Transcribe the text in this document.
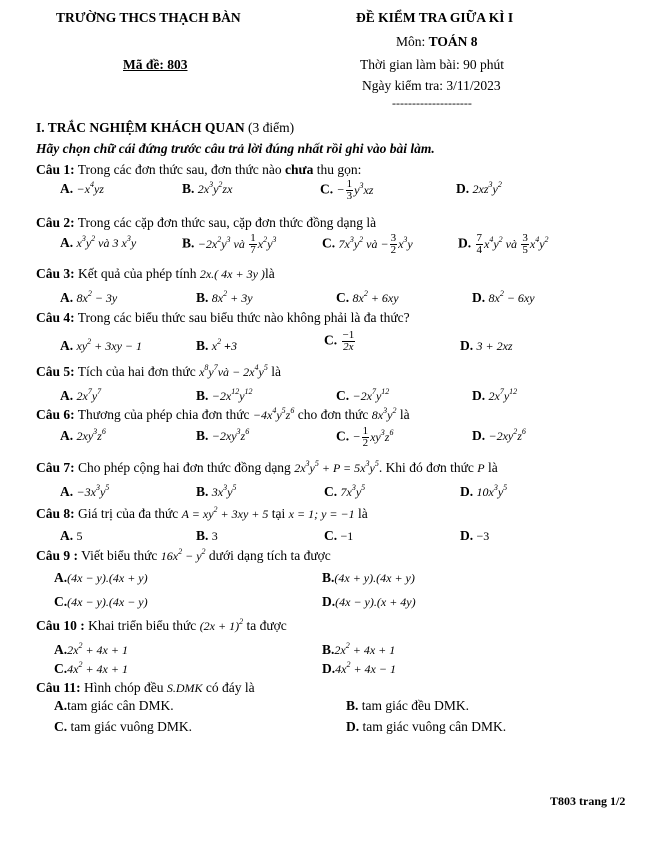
TRƯỜNG THCS THẠCH BÀN	ĐỀ KIỂM TRA GIỮA KÌ I
Môn: TOÁN 8
Mã đề: 803	Thời gian làm bài: 90 phút
Ngày kiểm tra: 3/11/2023
--------------------
I. TRẮC NGHIỆM KHÁCH QUAN (3 điểm)
Hãy chọn chữ cái đứng trước câu trả lời đúng nhất rồi ghi vào bài làm.
Câu 1: Trong các đơn thức sau, đơn thức nào chưa thu gọn:
A. $-x^4yz$	B. $2x^3y^2zx$	C. − $\frac{1}{3} y^3xz$	D. $2xz^3y^2$
Câu 2: Trong các cặp đơn thức sau, cặp đơn thức đồng dạng là
A. $x^3y^2$ và 3 $x^3y$	B. $-2x^2y^3$ và $\frac{1}{7} x^2y^3$	C. $7x^3y^2$ và − $\frac{3}{2} x^3y$	D. $\frac{7}{4} x^4y^2$ và $\frac{3}{5} x^4y^2$
Câu 3: Kết quả của phép tính 2x.( 4x + 3y )là
A. $8x^2 - 3y$	B. $8x^2 + 3y$	C. $8x^2 + 6xy$	D. $8x^2 - 6xy$
Câu 4: Trong các biểu thức sau biểu thức nào không phải là đa thức?
A. $xy^2 + 3xy - 1$	B. $x^2 +3$	C. $\frac{-1}{2x}$	D. 3 + 2xz
Câu 5: Tích của hai đơn thức $x^8y^7và - 2x^4y^5$ là
A. $2x^7y^7$	B. $-2x^{12}y^{12}$	C. $-2x^7y^{12}$	D. $2x^7y^{12}$
Câu 6: Thương của phép chia đơn thức $-4x^4y^5z^6$ cho đơn thức $8x^3y^2$ là
A. $2xy^3z^6$	B. $-2xy^3z^6$	C. − $\frac{1}{2} xy^3z^6$	D. $-2xy^2z^6$
Câu 7: Cho phép cộng hai đơn thức đồng dạng $2x^3y^5 + P = 5x^3y^5$. Khi đó đơn thức P là
A. $-3x^3y^5$	B. $3x^3y^5$	C. $7x^3y^5$	D. $10x^3y^5$
Câu 8: Giá trị của đa thức $A = xy^2 + 3xy + 5$ tại x = 1; y = −1 là
A. 5	B. 3	C. −1	D. −3
Câu 9 : Viết biểu thức $16x^2 - y^2$ dưới dạng tích ta được
A.(4x − y).(4x + y)	B.(4x + y).(4x + y)
C.(4x − y).(4x − y)	D.(4x − y).(x + 4y)
Câu 10 : Khai triển biểu thức $(2x + 1)^2$ ta được
$A.2x^2 + 4x + 1$	$B.2x^2 + 4x + 1$
$C.4x^2 + 4x + 1$	$D.4x^2 + 4x - 1$
Câu 11: Hình chóp đều S.DMK có đáy là
A.tam giác cân DMK.	B. tam giác đều DMK.
C. tam giác vuông DMK.	D. tam giác vuông cân DMK.
T803 trang 1/2
